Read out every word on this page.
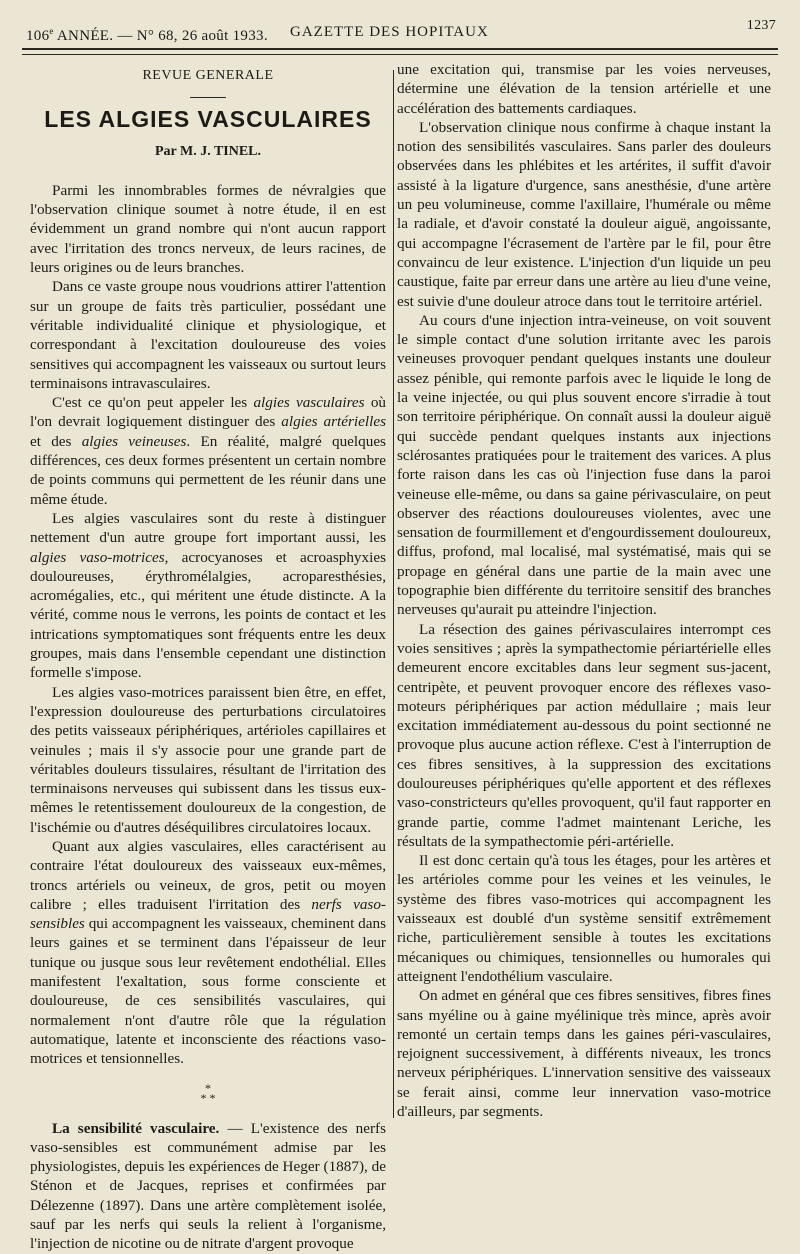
106e ANNÉE. — N° 68, 26 août 1933. GAZETTE DES HOPITAUX	1237
REVUE GENERALE
LES ALGIES VASCULAIRES
Par M. J. TINEL.

Parmi les innombrables formes de névralgies que l'observation clinique soumet à notre étude, il en est évidemment un grand nombre qui n'ont aucun rapport avec l'irritation des troncs nerveux, de leurs racines, de leurs origines ou de leurs branches.

Dans ce vaste groupe nous voudrions attirer l'attention sur un groupe de faits très particulier, possédant une véritable individualité clinique et physiologique, et correspondant à l'excitation douloureuse des voies sensitives qui accompagnent les vaisseaux ou surtout leurs terminaisons intravasculaires.

C'est ce qu'on peut appeler les algies vasculaires où l'on devrait logiquement distinguer des algies artérielles et des algies veineuses. En réalité, malgré quelques différences, ces deux formes présentent un certain nombre de points communs qui permettent de les réunir dans une même étude.

Les algies vasculaires sont du reste à distinguer nettement d'un autre groupe fort important aussi, les algies vaso-motrices, acrocyanoses et acroasphyxies douloureuses, érythromélalgies, acroparesthésies, acromégalies, etc., qui méritent une étude distincte. A la vérité, comme nous le verrons, les points de contact et les intrications symptomatiques sont fréquents entre les deux groupes, mais dans l'ensemble cependant une distinction formelle s'impose.

Les algies vaso-motrices paraissent bien être, en effet, l'expression douloureuse des perturbations circulatoires des petits vaisseaux périphériques, artérioles capillaires et veinules ; mais il s'y associe pour une grande part de véritables douleurs tissulaires, résultant de l'irritation des terminaisons nerveuses qui subissent dans les tissus eux-mêmes le retentissement douloureux de la congestion, de l'ischémie ou d'autres déséquilibres circulatoires locaux.

Quant aux algies vasculaires, elles caractérisent au contraire l'état douloureux des vaisseaux eux-mêmes, troncs artériels ou veineux, de gros, petit ou moyen calibre ; elles traduisent l'irritation des nerfs vaso-sensibles qui accompagnent les vaisseaux, cheminent dans leurs gaines et se terminent dans l'épaisseur de leur tunique ou jusque sous leur revêtement endothélial. Elles manifestent l'exaltation, sous forme consciente et douloureuse, de ces sensibilités vasculaires, qui normalement n'ont d'autre rôle que la régulation automatique, latente et inconsciente des réactions vaso-motrices et tensionnelles.

*
* *

La sensibilité vasculaire. — L'existence des nerfs vaso-sensibles est communément admise par les physiologistes, depuis les expériences de Heger (1887), de Sténon et de Jacques, reprises et confirmées par Délezenne (1897). Dans une artère complètement isolée, sauf par les nerfs qui seuls la relient à l'organisme, l'injection de nicotine ou de nitrate d'argent provoque

une excitation qui, transmise par les voies nerveuses, détermine une élévation de la tension artérielle et une accélération des battements cardiaques.

L'observation clinique nous confirme à chaque instant la notion des sensibilités vasculaires. Sans parler des douleurs observées dans les phlébites et les artérites, il suffit d'avoir assisté à la ligature d'urgence, sans anesthésie, d'une artère un peu volumineuse, comme l'axillaire, l'humérale ou même la radiale, et d'avoir constaté la douleur aiguë, angoissante, qui accompagne l'écrasement de l'artère par le fil, pour être convaincu de leur existence. L'injection d'un liquide un peu caustique, faite par erreur dans une artère au lieu d'une veine, est suivie d'une douleur atroce dans tout le territoire artériel.

Au cours d'une injection intra-veineuse, on voit souvent le simple contact d'une solution irritante avec les parois veineuses provoquer pendant quelques instants une douleur assez pénible, qui remonte parfois avec le liquide le long de la veine injectée, ou qui plus souvent encore s'irradie à tout son territoire périphérique. On connaît aussi la douleur aiguë qui succède pendant quelques instants aux injections sclérosantes pratiquées pour le traitement des varices. A plus forte raison dans les cas où l'injection fuse dans la paroi veineuse elle-même, ou dans sa gaine périvasculaire, on peut observer des réactions douloureuses violentes, avec une sensation de fourmillement et d'engourdissement douloureux, diffus, profond, mal localisé, mal systématisé, mais qui se propage en général dans une partie de la main avec une topographie bien différente du territoire sensitif des branches nerveuses qu'aurait pu atteindre l'injection.

La résection des gaines périvasculaires interrompt ces voies sensitives ; après la sympathectomie périartérielle elles demeurent encore excitables dans leur segment sus-jacent, centripète, et peuvent provoquer encore des réflexes vaso-moteurs périphériques par action médullaire ; mais leur excitation immédiatement au-dessous du point sectionné ne provoque plus aucune action réflexe. C'est à l'interruption de ces fibres sensitives, à la suppression des excitations douloureuses périphériques qu'elle apportent et des réflexes vaso-constricteurs qu'elles provoquent, qu'il faut rapporter en grande partie, comme l'admet maintenant Leriche, les résultats de la sympathectomie péri-artérielle.

Il est donc certain qu'à tous les étages, pour les artères et les artérioles comme pour les veines et les veinules, le système des fibres vaso-motrices qui accompagnent les vaisseaux est doublé d'un système sensitif extrêmement riche, particulièrement sensible à toutes les excitations mécaniques ou chimiques, tensionnelles ou humorales qui atteignent l'endothélium vasculaire.

On admet en général que ces fibres sensitives, fibres fines sans myéline ou à gaine myélinique très mince, après avoir remonté un certain temps dans les gaines péri-vasculaires, rejoignent successivement, à différents niveaux, les troncs nerveux périphériques. L'innervation sensitive des vaisseaux se ferait ainsi, comme leur innervation vaso-motrice d'ailleurs, par segments.
